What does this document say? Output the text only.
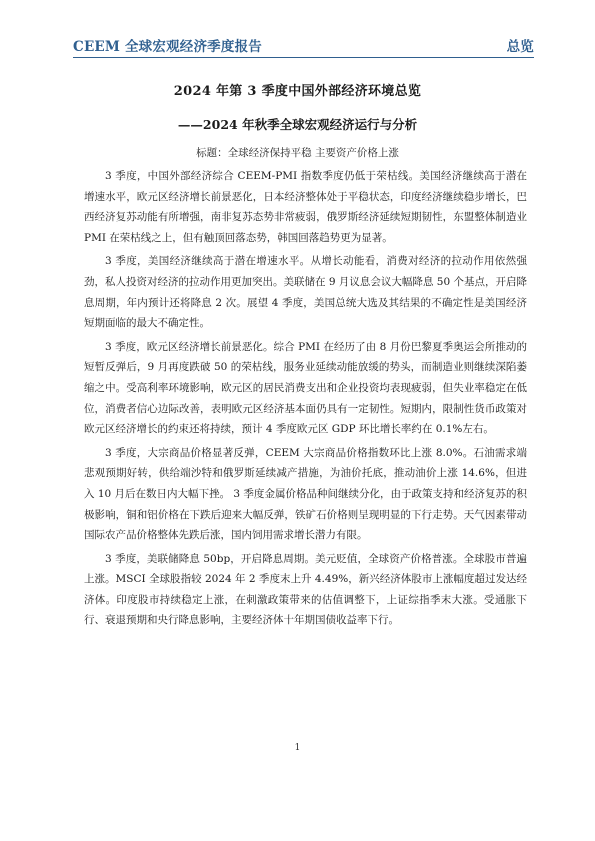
CEEM 全球宏观经济季度报告	总览
2024 年第 3 季度中国外部经济环境总览
——2024 年秋季全球宏观经济运行与分析
标题：全球经济保持平稳 主要资产价格上涨

3 季度，中国外部经济综合 CEEM-PMI 指数季度仍低于荣枯线。美国经济继续高于潜在增速水平，欧元区经济增长前景恶化，日本经济整体处于平稳状态，印度经济继续稳步增长，巴西经济复苏动能有所增强，南非复苏态势非常疲弱，俄罗斯经济延续短期韧性，东盟整体制造业 PMI 在荣枯线之上，但有触顶回落态势，韩国回落趋势更为显著。

3 季度，美国经济继续高于潜在增速水平。从增长动能看，消费对经济的拉动作用依然强劲，私人投资对经济的拉动作用更加突出。美联储在 9 月议息会议大幅降息 50 个基点，开启降息周期，年内预计还将降息 2 次。展望 4 季度，美国总统大选及其结果的不确定性是美国经济短期面临的最大不确定性。

3 季度，欧元区经济增长前景恶化。综合 PMI 在经历了由 8 月份巴黎夏季奥运会所推动的短暂反弹后，9 月再度跌破 50 的荣枯线，服务业延续动能放缓的势头，而制造业则继续深陷萎缩之中。受高利率环境影响，欧元区的居民消费支出和企业投资均表现疲弱，但失业率稳定在低位，消费者信心边际改善，表明欧元区经济基本面仍具有一定韧性。短期内，限制性货币政策对欧元区经济增长的约束还将持续，预计 4 季度欧元区 GDP 环比增长率约在 0.1%左右。

3 季度，大宗商品价格显著反弹，CEEM 大宗商品价格指数环比上涨 8.0%。石油需求端悲观预期好转，供给端沙特和俄罗斯延续减产措施，为油价托底，推动油价上涨 14.6%，但进入 10 月后在数日内大幅下挫。 3 季度金属价格品种间继续分化，由于政策支持和经济复苏的积极影响，铜和铝价格在下跌后迎来大幅反弹，铁矿石价格则呈现明显的下行走势。天气因素带动国际农产品价格整体先跌后涨，国内饲用需求增长潜力有限。

3 季度，美联储降息 50bp，开启降息周期。美元贬值，全球资产价格普涨。全球股市普遍上涨。MSCI 全球股指较 2024 年 2 季度末上升 4.49%，新兴经济体股市上涨幅度超过发达经济体。印度股市持续稳定上涨，在刺激政策带来的估值调整下，上证综指季末大涨。受通胀下行、衰退预期和央行降息影响，主要经济体十年期国债收益率下行。

1
